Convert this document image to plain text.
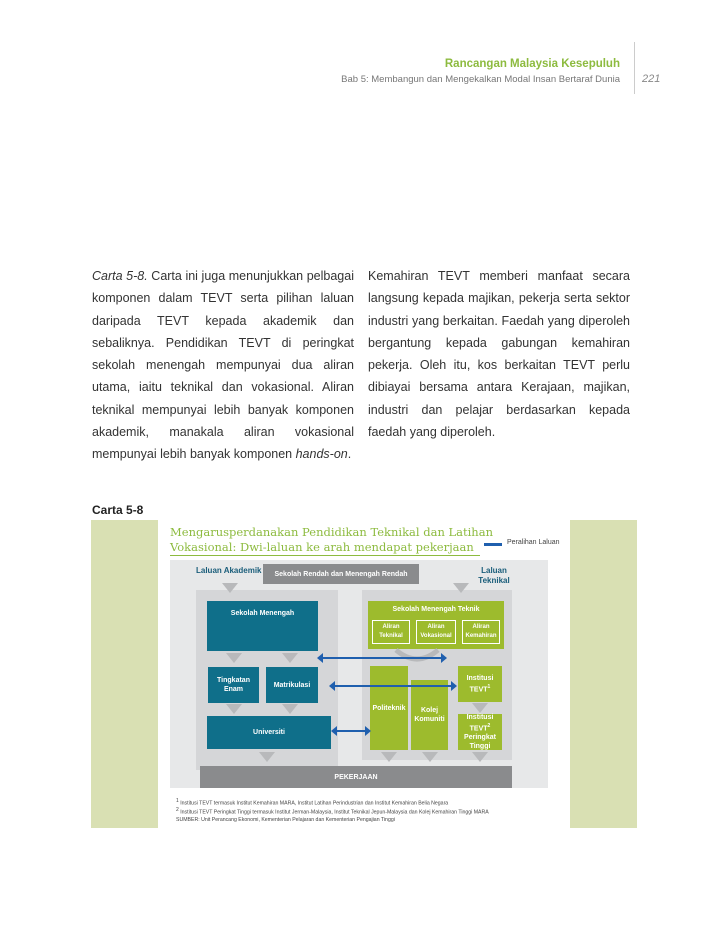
Rancangan Malaysia Kesepuluh
Bab 5: Membangun dan Mengekalkan Modal Insan Bertaraf Dunia 221
Carta 5-8. Carta ini juga menunjukkan pelbagai komponen dalam TEVT serta pilihan laluan daripada TEVT kepada akademik dan sebaliknya. Pendidikan TEVT di peringkat sekolah menengah mempunyai dua aliran utama, iaitu teknikal dan vokasional. Aliran teknikal mempunyai lebih banyak komponen akademik, manakala aliran vokasional mempunyai lebih banyak komponen hands-on.
Kemahiran TEVT memberi manfaat secara langsung kepada majikan, pekerja serta sektor industri yang berkaitan. Faedah yang diperoleh bergantung kepada gabungan kemahiran pekerja. Oleh itu, kos berkaitan TEVT perlu dibiayai bersama antara Kerajaan, majikan, industri dan pelajar berdasarkan kepada faedah yang diperoleh.
Carta 5-8
Mengarusperdanakan Pendidikan Teknikal dan Latihan
Vokasional: Dwi-laluan ke arah mendapat pekerjaan	Peralihan Laluan
Laluan Akademik	Laluan Teknikal
Sekolah Rendah dan Menengah Rendah
Sekolah Menengah
Tingkatan Enam
Matrikulasi
Universiti
Sekolah Menengah Teknik
Aliran Teknikal
Aliran Vokasional
Aliran Kemahiran
Politeknik	Kolej Komuniti
Institusi TEVT$^1$
Institusi TEVT$^2$
Peringkat Tinggi
PEKERJAAN
$^1$ Institusi TEVT termasuk Institut Kemahiran MARA, Institut Latihan Perindustrian dan Institut Kemahiran Belia Negara
$^2$ Institusi TEVT Peringkat Tinggi termasuk Institut Jerman-Malaysia, Institut Teknikal Jepun-Malaysia dan Kolej Kemahiran Tinggi MARA
SUMBER: Unit Perancang Ekonomi, Kementerian Pelajaran dan Kementerian Pengajian Tinggi
